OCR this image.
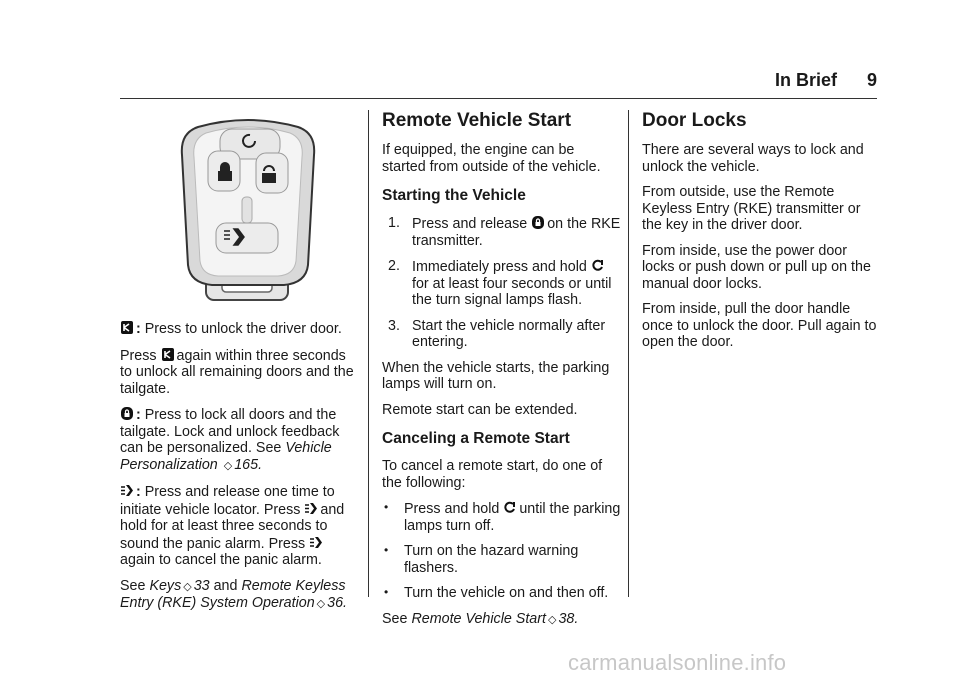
In Brief 9

: Press to unlock the driver door.

Press again within three seconds to unlock all remaining doors and the tailgate.

: Press to lock all doors and the tailgate. Lock and unlock feedback can be personalized. See Vehicle Personalization ◇ 165.

: Press and release one time to initiate vehicle locator. Press and hold for at least three seconds to sound the panic alarm. Press
again to cancel the panic alarm.

See Keys ◇ 33 and Remote Keyless Entry (RKE) System Operation ◇ 36.

Remote Vehicle Start

If equipped, the engine can be started from outside of the vehicle.

Starting the Vehicle
1. Press and release on the RKE transmitter.
2. Immediately press and hold
for at least four seconds or until the turn signal lamps flash.
3. Start the vehicle normally after entering.

When the vehicle starts, the parking lamps will turn on.

Remote start can be extended.

Canceling a Remote Start

To cancel a remote start, do one of the following:

• Press and hold until the parking lamps turn off.
• Turn on the hazard warning flashers.
• Turn the vehicle on and then off.

See Remote Vehicle Start ◇ 38.

Door Locks

There are several ways to lock and unlock the vehicle.

From outside, use the Remote Keyless Entry (RKE) transmitter or the key in the driver door.

From inside, use the power door locks or push down or pull up on the manual door locks.

From inside, pull the door handle once to unlock the door. Pull again to open the door.

carmanualsonline.info
